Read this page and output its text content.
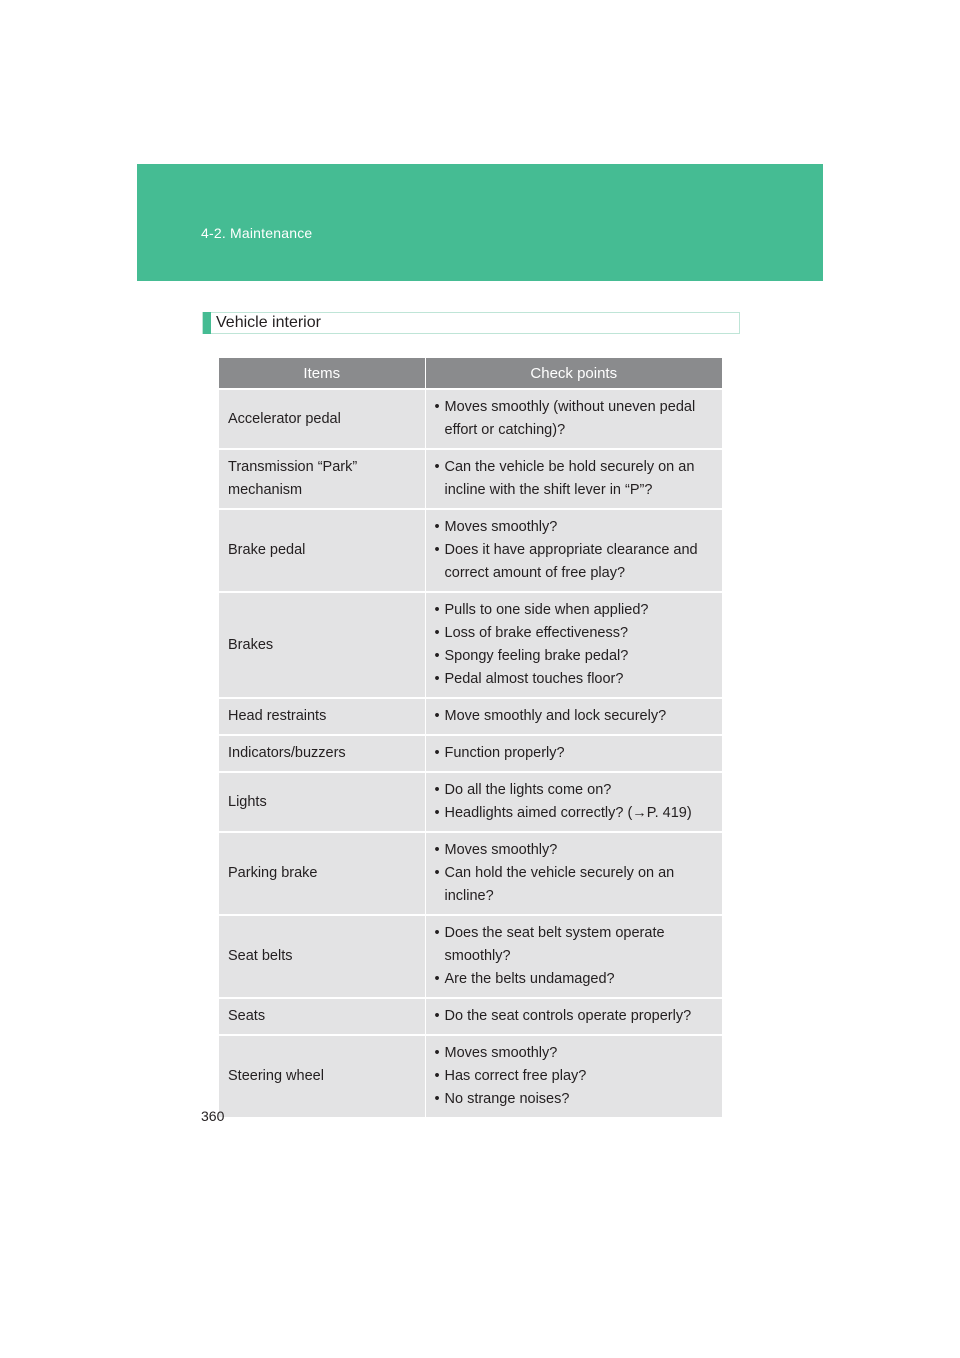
4-2. Maintenance
Vehicle interior
Items	Check points
Accelerator pedal	• Moves smoothly (without uneven pedal effort or catching)?

Transmission “Park” mechanism	• Can the vehicle be hold securely on an incline with the shift lever in “P”?

Brake pedal	• Moves smoothly?
• Does it have appropriate clearance and correct amount of free play?

Brakes	• Pulls to one side when applied?
• Loss of brake effectiveness?
• Spongy feeling brake pedal?
• Pedal almost touches floor?

Head restraints	• Move smoothly and lock securely?

Indicators/buzzers	• Function properly?

Lights	• Do all the lights come on?
• Headlights aimed correctly? (→P. 419)

Parking brake	• Moves smoothly?
• Can hold the vehicle securely on an incline?

Seat belts	• Does the seat belt system operate smoothly?
• Are the belts undamaged?

Seats	• Do the seat controls operate properly?

Steering wheel	• Moves smoothly?
• Has correct free play?
• No strange noises?
360
